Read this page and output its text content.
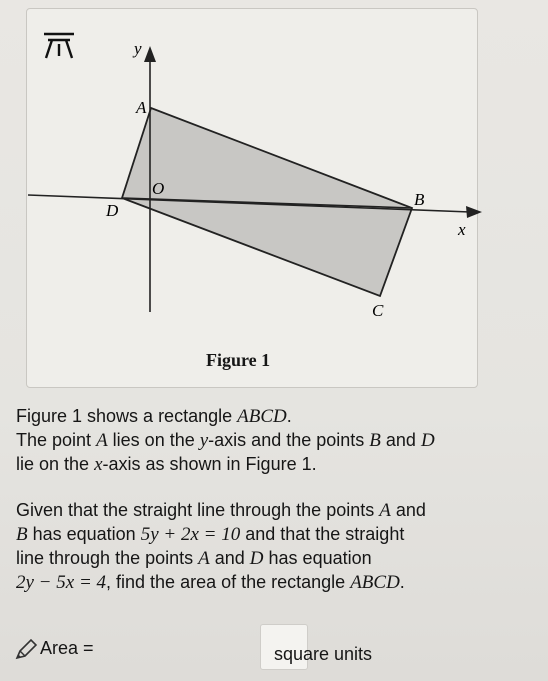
y
A
O
D
B
x
C
Figure 1
Figure 1 shows a rectangle ABCD.
The point A lies on the y-axis and the points B and D
lie on the x-axis as shown in Figure 1.
Given that the straight line through the points A and
B has equation 5y + 2x = 10 and that the straight
line through the points A and D has equation
2y − 5x = 4, find the area of the rectangle ABCD.
Area =	square units
